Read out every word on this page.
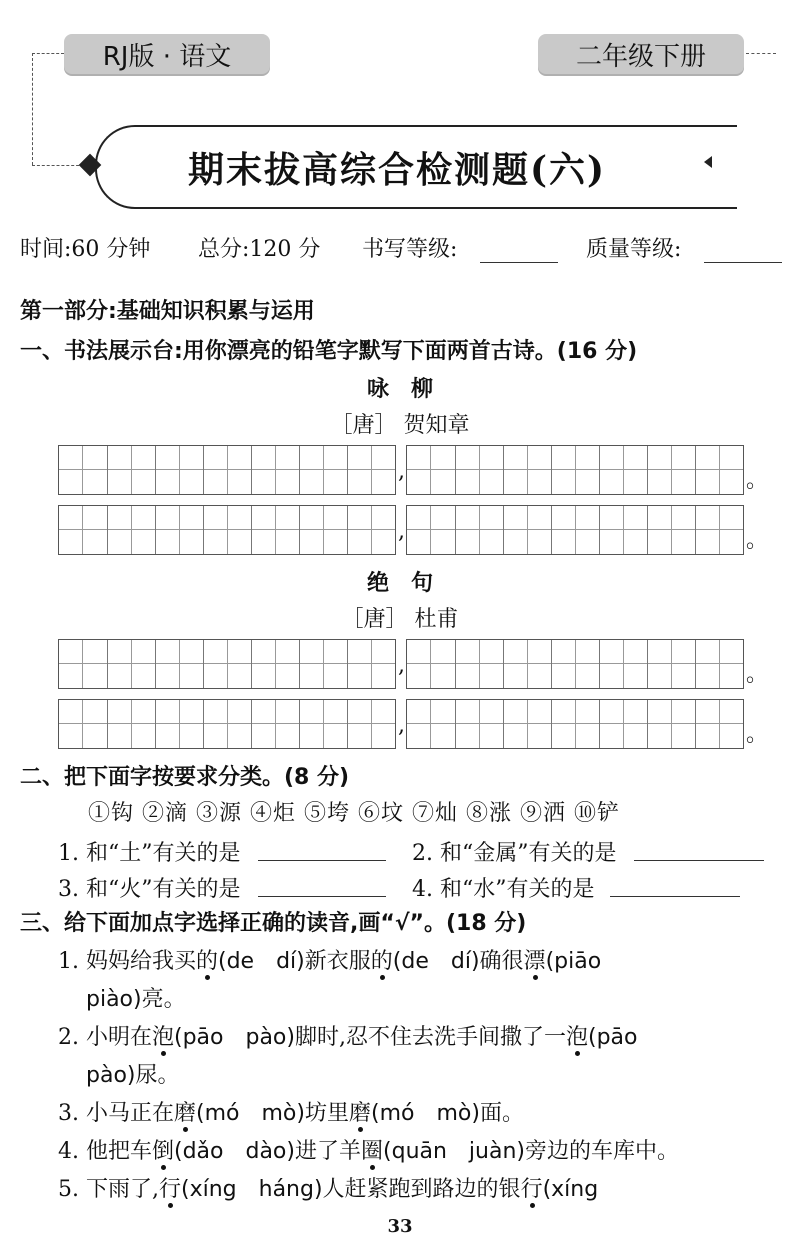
RJ版 · 语文	二年级下册
期末拔高综合检测题(六)
时间:60 分钟 总分:120 分 书写等级:	质量等级:
第一部分:基础知识积累与运用
一、书法展示台:用你漂亮的铅笔字默写下面两首古诗。(16 分)
咏　柳
［唐］ 贺知章
,	。
,	。
绝　句
［唐］ 杜甫
,	。
,	。
二、把下面字按要求分类。(8 分)
①钩 ②滴 ③源 ④炬 ⑤垮 ⑥坟 ⑦灿 ⑧涨 ⑨洒 ⑩铲
1. 和“土”有关的是	2. 和“金属”有关的是
3. 和“火”有关的是	4. 和“水”有关的是
三、给下面加点字选择正确的读音,画“√”。(18 分)
1. 妈妈给我买的(de　dí)新衣服的(de　dí)确很漂(piāo
piào)亮。
2. 小明在泡(pāo　pào)脚时,忍不住去洗手间撒了一泡(pāo
pào)尿。
3. 小马正在磨(mó　mò)坊里磨(mó　mò)面。
4. 他把车倒(dǎo　dào)进了羊圈(quān　juàn)旁边的车库中。
5. 下雨了,行(xíng　háng)人赶紧跑到路边的银行(xíng
33
